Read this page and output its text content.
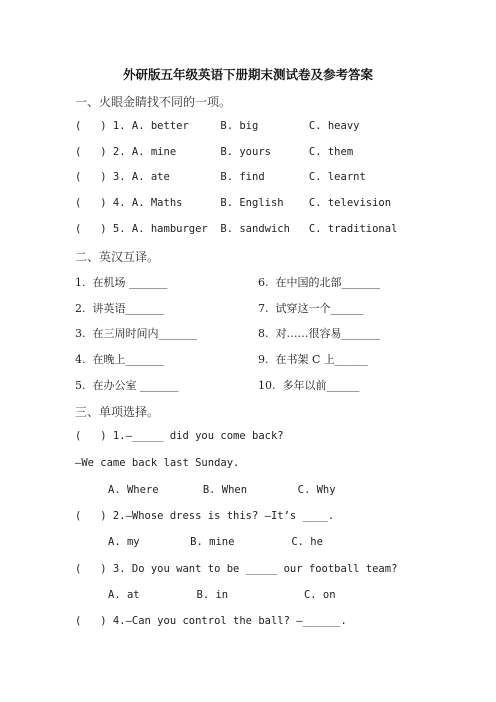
外研版五年级英语下册期末测试卷及参考答案
一、火眼金睛找不同的一项。
(   ) 1. A. better     B. big        C. heavy
(   ) 2. A. mine       B. yours      C. them
(   ) 3. A. ate        B. find       C. learnt
(   ) 4. A. Maths      B. English    C. television
(   ) 5. A. hamburger  B. sandwich   C. traditional
二、英汉互译。
1.  在机场 _______
2.  讲英语_______
3.  在三周时间内_______
4.  在晚上_______
5.  在办公室 _______
6.  在中国的北部_______
7.  试穿这一个______
8.  对……很容易_______
9.  在书架 C 上______
10.  多年以前______
三、单项选择。
(   ) 1.—_____ did you come back?
—We came back last Sunday.
A. Where       B. When        C. Why
(   ) 2.—Whose dress is this? —It’s ____.
A. my        B. mine         C. he
(   ) 3. Do you want to be _____ our football team?
A. at         B. in            C. on
(   ) 4.—Can you control the ball? —______.
